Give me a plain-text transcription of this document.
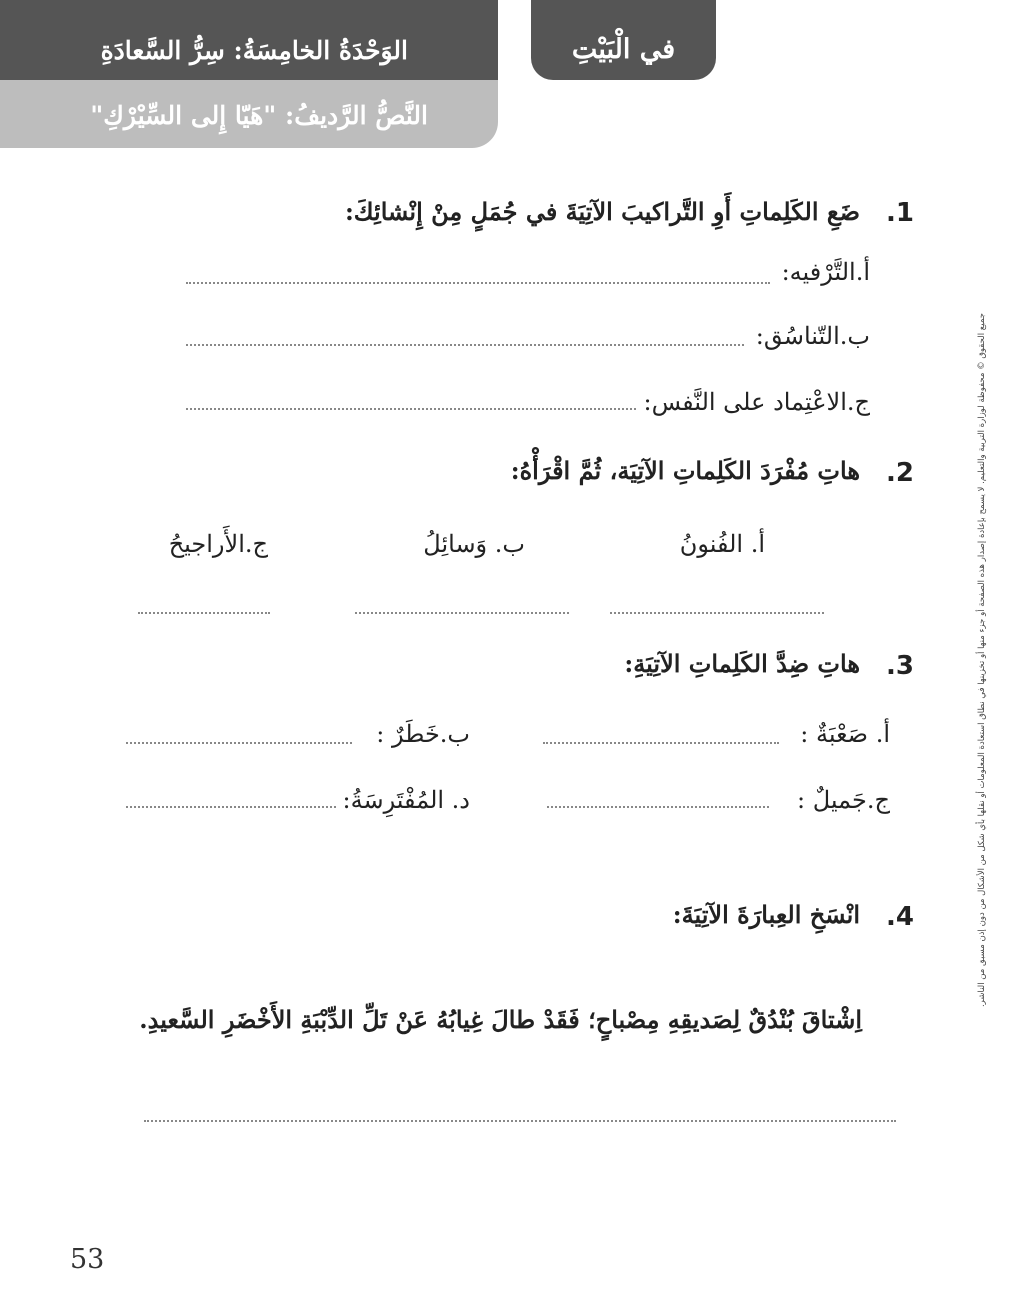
الوَحْدَةُ الخامِسَةُ: سِرُّ السَّعادَةِ
النَّصُّ الرَّديفُ: "هَيّا إِلى السِّيْرْكِ"
في الْبَيْتِ
.1
ضَعِ الكَلِماتِ أَوِ التَّراكيبَ الآتِيَةَ في جُمَلٍ مِنْ إِنْشائِكَ:
أ.التَّرْفيه:
ب.التّناسُق:
ج.الاعْتِماد على النَّفس:
.2
هاتِ مُفْرَدَ الكَلِماتِ الآتِيَة، ثُمَّ اقْرَأْهُ:
أ. الفُنونُ
ب. وَسائِلُ
ج.الأَراجيحُ
.3
هاتِ ضِدَّ الكَلِماتِ الآتِيَةِ:
أ. صَعْبَةٌ :
ب.خَطَرٌ :
ج.جَميلٌ :
د. المُفْتَرِسَةُ:
.4
انْسَخِ العِبارَةَ الآتِيَةَ:
اِشْتاقَ بُنْدُقٌ لِصَديقِهِ مِصْباحٍ؛ فَقَدْ طالَ غِيابُهُ عَنْ تَلِّ الدِّبْبَةِ الأَخْضَرِ السَّعيدِ.
جميع الحقوق © محفوظة لوزارة التربية والتعليم. لا يسمح بإعادة إصدار هذه الصفحة أو جزء منها أو تخزينها في نطاق استعادة المعلومات أو نقلها بأي شكل من الأشكال من دون إذن مسبق من الناشر.
53
